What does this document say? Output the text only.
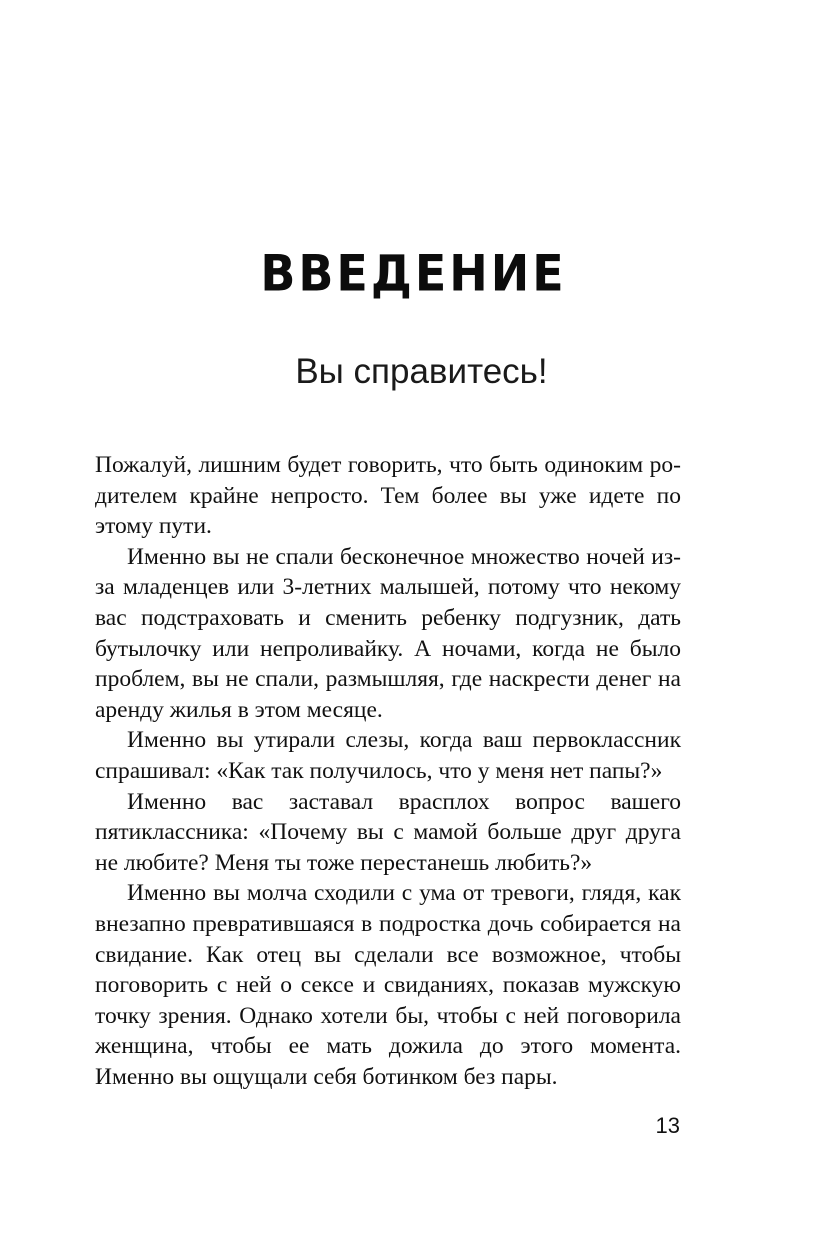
ВВЕДЕНИЕ
Вы справитесь!

Пожалуй, лишним будет говорить, что быть одиноким родителем крайне непросто. Тем более вы уже идете по этому пути.

Именно вы не спали бесконечное множество ночей из-за младенцев или 3-летних малышей, потому что некому вас подстраховать и сменить ребенку подгузник, дать бутылочку или непроливайку. А ночами, когда не было проблем, вы не спали, размышляя, где наскрести денег на аренду жилья в этом месяце.

Именно вы утирали слезы, когда ваш первоклассник спрашивал: «Как так получилось, что у меня нет папы?»

Именно вас заставал врасплох вопрос вашего пятиклассника: «Почему вы с мамой больше друг друга не любите? Меня ты тоже перестанешь любить?»

Именно вы молча сходили с ума от тревоги, глядя, как внезапно превратившаяся в подростка дочь собирается на свидание. Как отец вы сделали все возможное, чтобы поговорить с ней о сексе и свиданиях, показав мужскую точку зрения. Однако хотели бы, чтобы с ней поговорила женщина, чтобы ее мать дожила до этого момента. Именно вы ощущали себя ботинком без пары.

13
